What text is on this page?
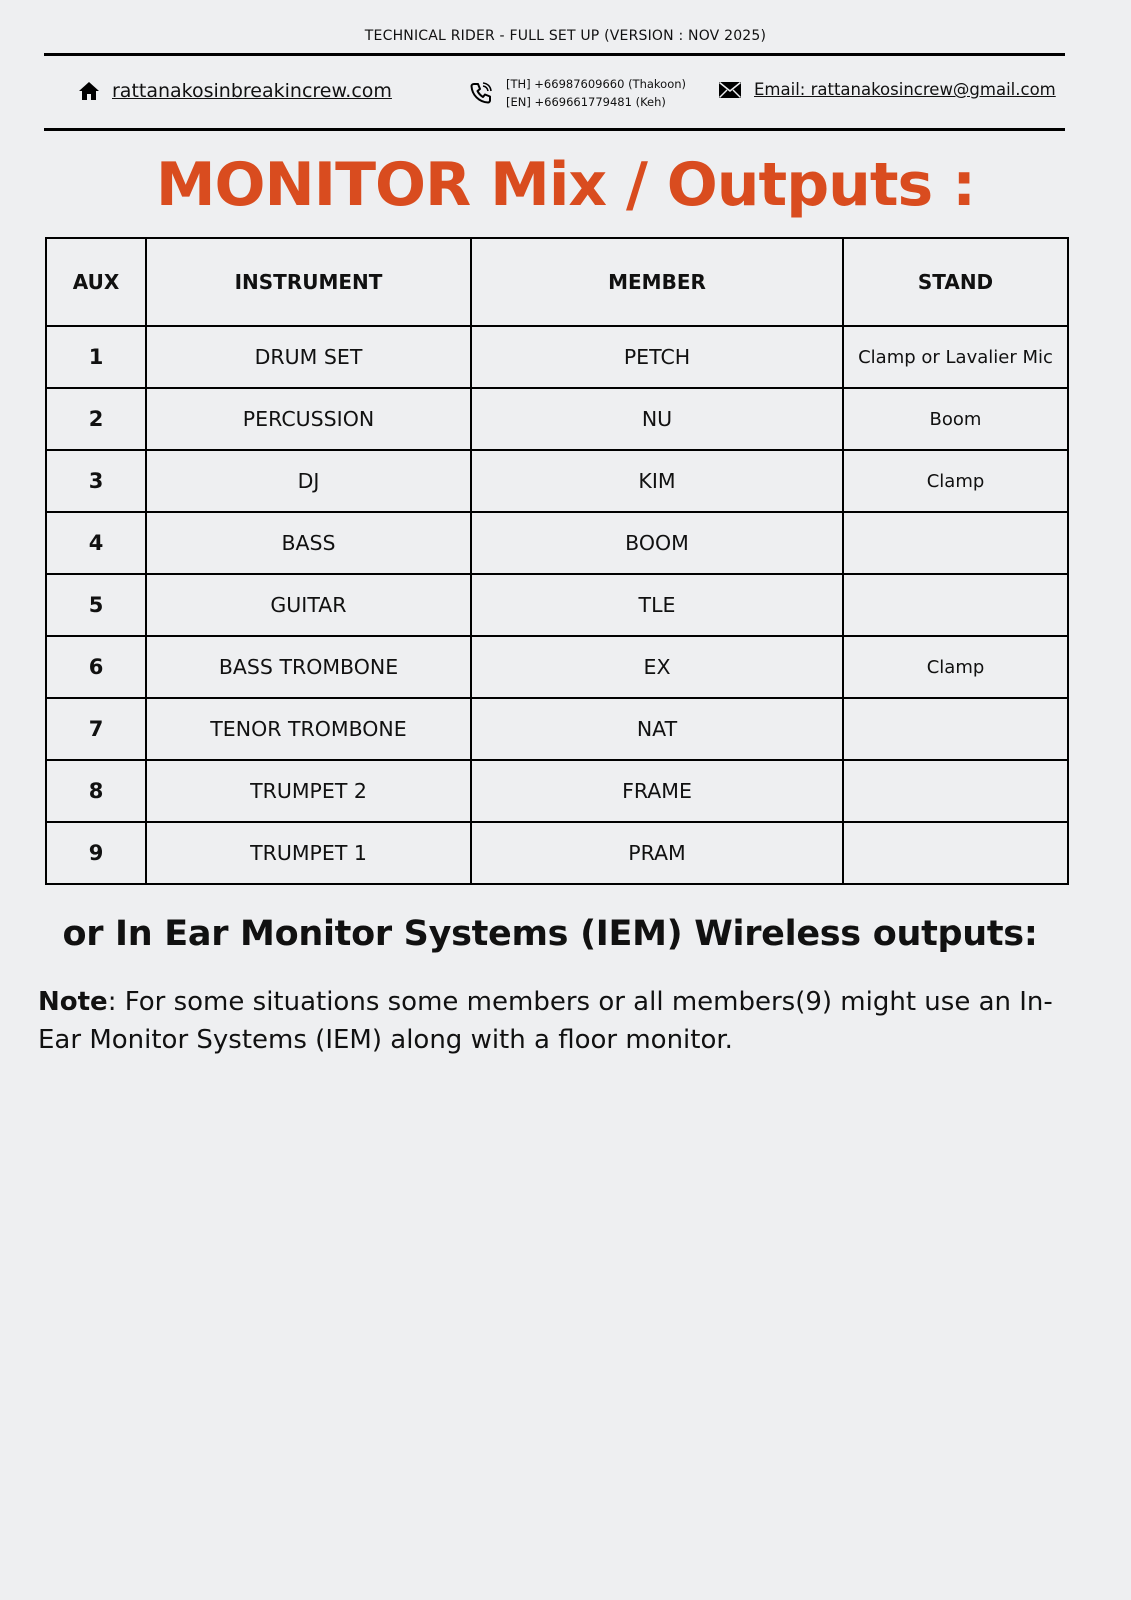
TECHNICAL RIDER - FULL SET UP (VERSION : NOV 2025)
rattanakosinbreakincrew.com	[TH] +66987609660 (Thakoon)
[EN] +669661779481 (Keh)
Email: rattanakosincrew@gmail.com
MONITOR Mix / Outputs :
AUX	INSTRUMENT	MEMBER	STAND
1	DRUM SET	PETCH	Clamp or Lavalier Mic
2	PERCUSSION	NU	Boom
3	DJ	KIM	Clamp
4	BASS	BOOM	
5	GUITAR	TLE	
6	BASS TROMBONE	EX	Clamp
7	TENOR TROMBONE	NAT	
8	TRUMPET 2	FRAME	
9	TRUMPET 1	PRAM	
or In Ear Monitor Systems (IEM) Wireless outputs:
Note: For some situations some members or all members(9) might use an In-Ear Monitor Systems (IEM) along with a floor monitor.
